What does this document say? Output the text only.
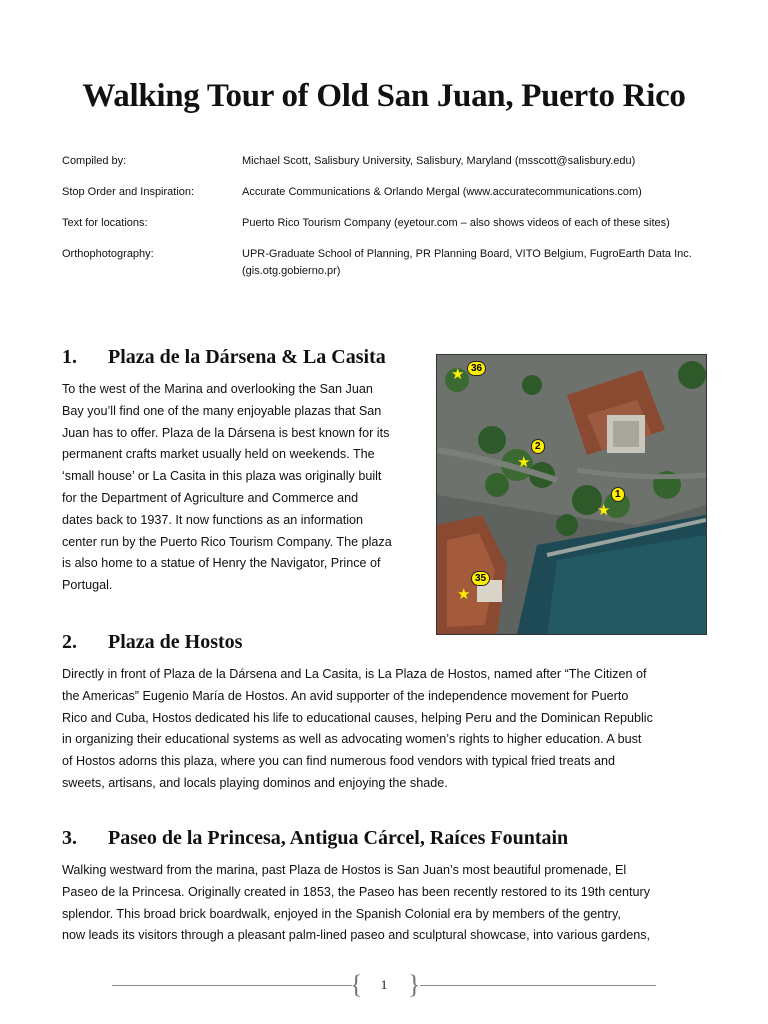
Walking Tour of Old San Juan, Puerto Rico
Compiled by:	Michael Scott, Salisbury University, Salisbury, Maryland (msscott@salisbury.edu)
Stop Order and Inspiration:	Accurate Communications & Orlando Mergal (www.accuratecommunications.com)
Text for locations:	Puerto Rico Tourism Company (eyetour.com – also shows videos of each of these sites)
Orthophotography:	UPR-Graduate School of Planning, PR Planning Board, VITO Belgium, FugroEarth Data Inc. (gis.otg.gobierno.pr)
1. Plaza de la Dársena & La Casita
To the west of the Marina and overlooking the San Juan
Bay you’ll find one of the many enjoyable plazas that San
Juan has to offer. Plaza de la Dársena is best known for its
permanent crafts market usually held on weekends. The
‘small house’ or La Casita in this plaza was originally built
for the Department of Agriculture and Commerce and
dates back to 1937. It now functions as an information
center run by the Puerto Rico Tourism Company. The plaza
is also home to a statue of Henry the Navigator, Prince of
Portugal.
★ 36
★
2
★
1
★
35
2. Plaza de Hostos
Directly in front of Plaza de la Dársena and La Casita, is La Plaza de Hostos, named after “The Citizen of
the Americas” Eugenio María de Hostos. An avid supporter of the independence movement for Puerto
Rico and Cuba, Hostos dedicated his life to educational causes, helping Peru and the Dominican Republic
in organizing their educational systems as well as advocating women’s rights to higher education. A bust
of Hostos adorns this plaza, where you can find numerous food vendors with typical fried treats and
sweets, artisans, and locals playing dominos and enjoying the shade.
3. Paseo de la Princesa, Antigua Cárcel, Raíces Fountain
Walking westward from the marina, past Plaza de Hostos is San Juan’s most beautiful promenade, El
Paseo de la Princesa. Originally created in 1853, the Paseo has been recently restored to its 19th century
splendor. This broad brick boardwalk, enjoyed in the Spanish Colonial era by members of the gentry,
now leads its visitors through a pleasant palm-lined paseo and sculptural showcase, into various gardens,
{	1 }
